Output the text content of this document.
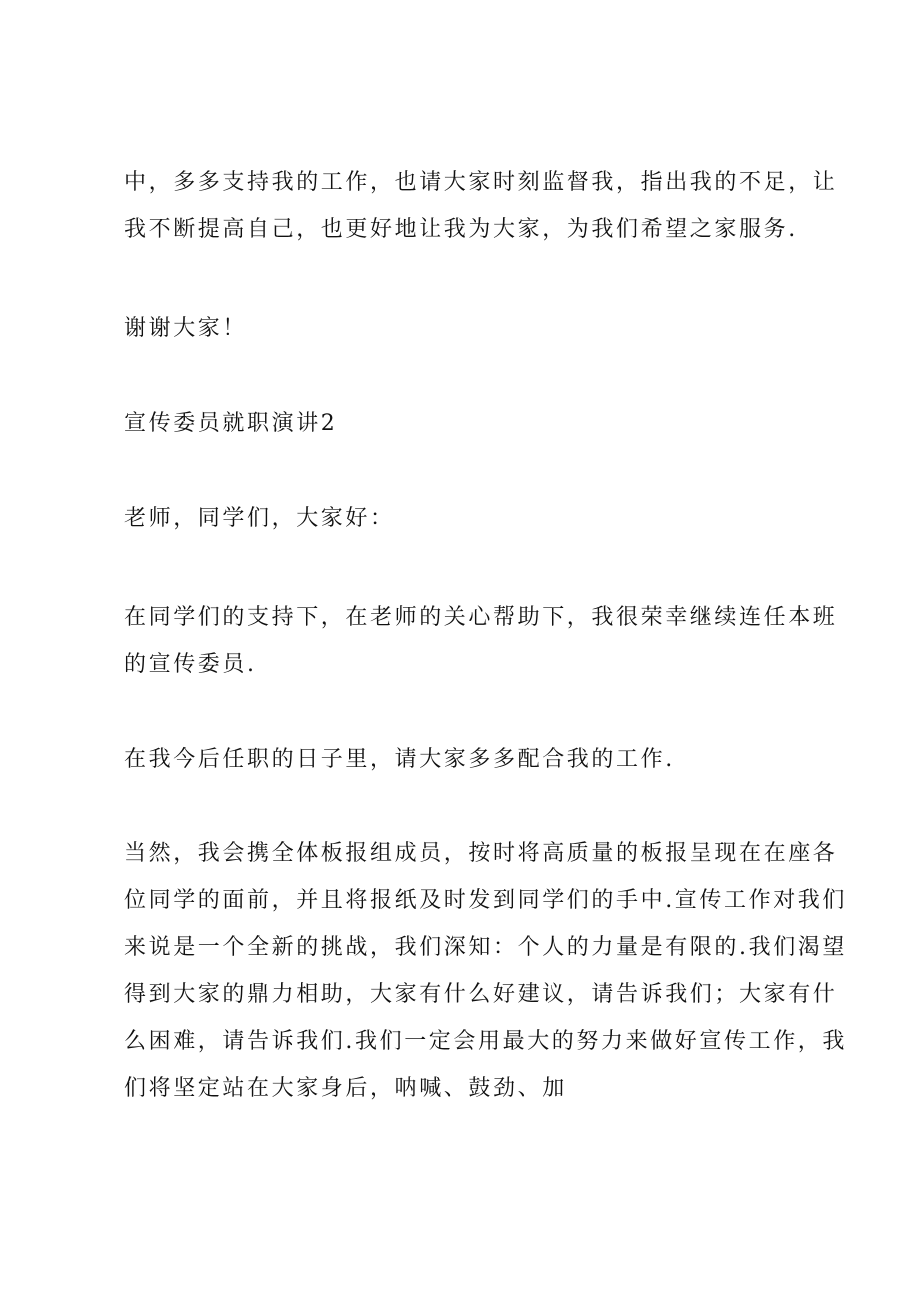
中，多多支持我的工作，也请大家时刻监督我，指出我的不足，让
我不断提高自己，也更好地让我为大家，为我们希望之家服务.

谢谢大家！

宣传委员就职演讲2

老师，同学们，大家好：

在同学们的支持下，在老师的关心帮助下，我很荣幸继续连任本班
的宣传委员.

在我今后任职的日子里，请大家多多配合我的工作.

当然，我会携全体板报组成员，按时将高质量的板报呈现在在座各
位同学的面前，并且将报纸及时发到同学们的手中.宣传工作对我们
来说是一个全新的挑战，我们深知：个人的力量是有限的.我们渴望
得到大家的鼎力相助，大家有什么好建议，请告诉我们；大家有什
么困难，请告诉我们.我们一定会用最大的努力来做好宣传工作，我
们将坚定站在大家身后，呐喊、鼓劲、加
